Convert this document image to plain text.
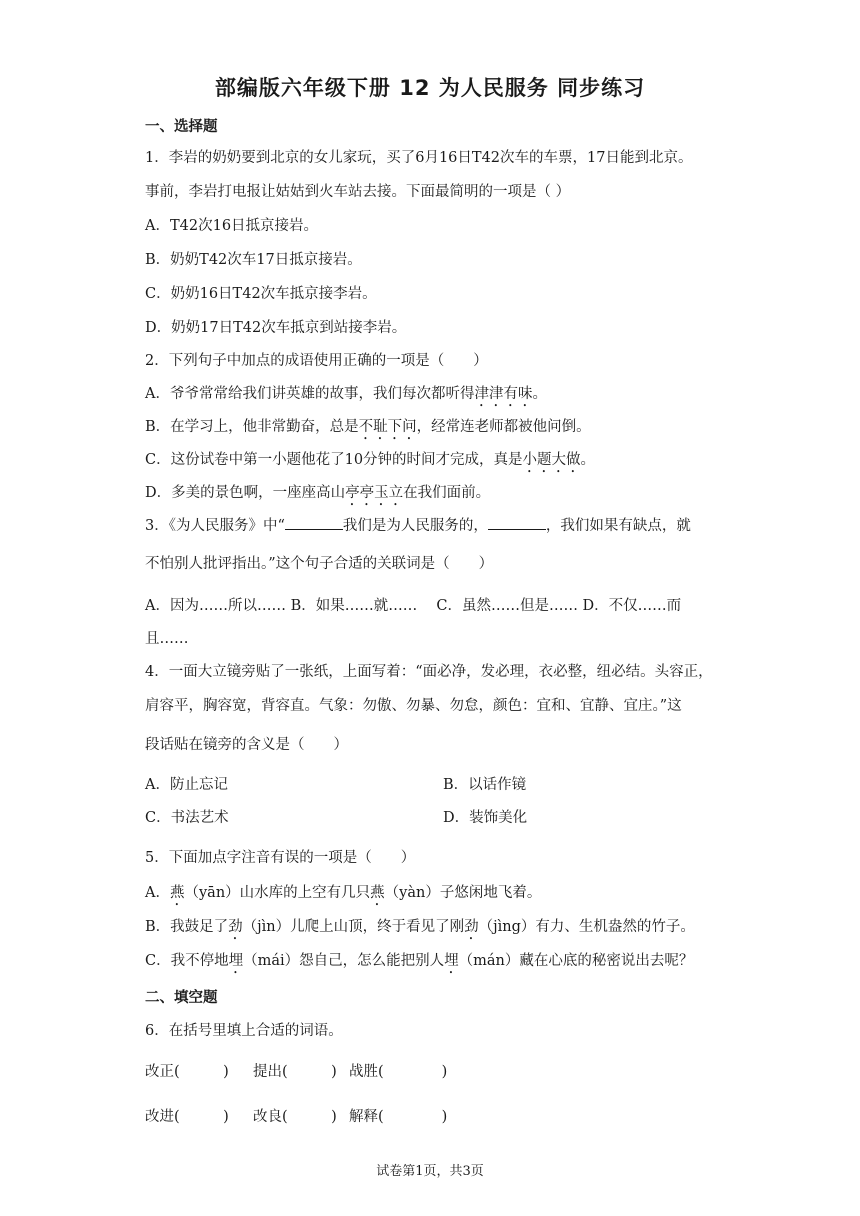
部编版六年级下册 12 为人民服务 同步练习
一、选择题
1．李岩的奶奶要到北京的女儿家玩，买了6月16日T42次车的车票，17日能到北京。
事前，李岩打电报让姑姑到火车站去接。下面最简明的一项是（ ）
A．T42次16日抵京接岩。
B．奶奶T42次车17日抵京接岩。
C．奶奶16日T42次车抵京接李岩。
D．奶奶17日T42次车抵京到站接李岩。
2．下列句子中加点的成语使用正确的一项是（　　）
A．爷爷常常给我们讲英雄的故事，我们每次都听得津津有味。
B．在学习上，他非常勤奋，总是不耻下问，经常连老师都被他问倒。
C．这份试卷中第一小题他花了10分钟的时间才完成，真是小题大做。
D．多美的景色啊，一座座高山亭亭玉立在我们面前。
3．《为人民服务》中“	我们是为人民服务的，	，我们如果有缺点，就
不怕别人批评指出。”这个句子合适的关联词是（　　）
A．因为……所以…… B．如果……就……　 C．虽然……但是…… D．不仅……而
且……
4．一面大立镜旁贴了一张纸，上面写着：“面必净，发必理，衣必整，纽必结。头容正，
肩容平，胸容宽，背容直。气象：勿傲、勿暴、勿怠，颜色：宜和、宜静、宜庄。”这
段话贴在镜旁的含义是（　　）
A．防止忘记	B．以话作镜
C．书法艺术	D．装饰美化
5．下面加点字注音有误的一项是（　　）
A．燕（yān）山水库的上空有几只燕（yàn）子悠闲地飞着。
B．我鼓足了劲（jìn）儿爬上山顶，终于看见了刚劲（jìng）有力、生机盎然的竹子。
C．我不停地埋（mái）怨自己，怎么能把别人埋（mán）藏在心底的秘密说出去呢？
二、填空题
6．在括号里填上合适的词语。
改正(　　　) 提出(　　　) 战胜(　　　　)
改进(　　　) 改良(　　　) 解释(　　　　)
试卷第1页，共3页
